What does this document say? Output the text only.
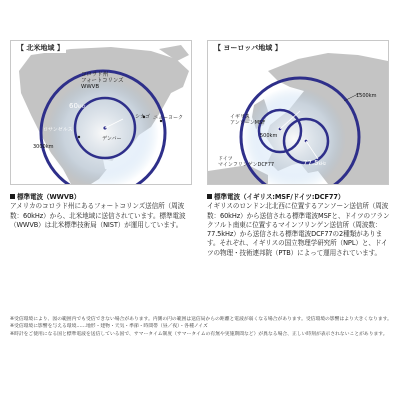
【 北米地域 】
コロラド州
フォートコリンズ
WWVB
60kHz
デンバー
ロサンゼルス
シカゴ ニューヨーク
3000km
【 ヨーロッパ地域 】
60kHz
1500km
イギリス
アンソーンMSF
500km
ドイツ
マインフリンゲンDCF77	77.5kHz
標準電波（WWVB）
アメリカのコロラド州にあるフォートコリンズ送信所（周波数：60kHz）から、北米地域に送信されています。標準電波（WWVB）は北米標準技術局（NIST）が運用しています。
標準電波（イギリス:MSF/ドイツ:DCF77）
イギリスのロンドン北北西に位置するアンソーン送信所（周波数：60kHz）から送信される標準電波MSFと、ドイツのフランクフルト南東に位置するマインフリンゲン送信所（周波数：77.5kHz）から送信される標準電波DCF77の2種類があります。それぞれ、イギリスの国立物理学研究所（NPL）と、ドイツの物理・技術連邦院（PTB）によって運用されています。
※受信環境により、図の範囲内でも受信できない場合があります。内側の円の範囲は送信局からの距離と電波が弱くなる場合があります。受信環境の影響はより大きくなります。
※受信環境に影響を与える環境……地形・建物・天気・季節・時間帯（昼／夜）・各種ノイズ
※時計をご使用になる国と標準電波を送信している国で、サマータイム制度（サマータイムの有無や実施期間など）が異なる場合、正しい時刻が表示されないことがあります。
